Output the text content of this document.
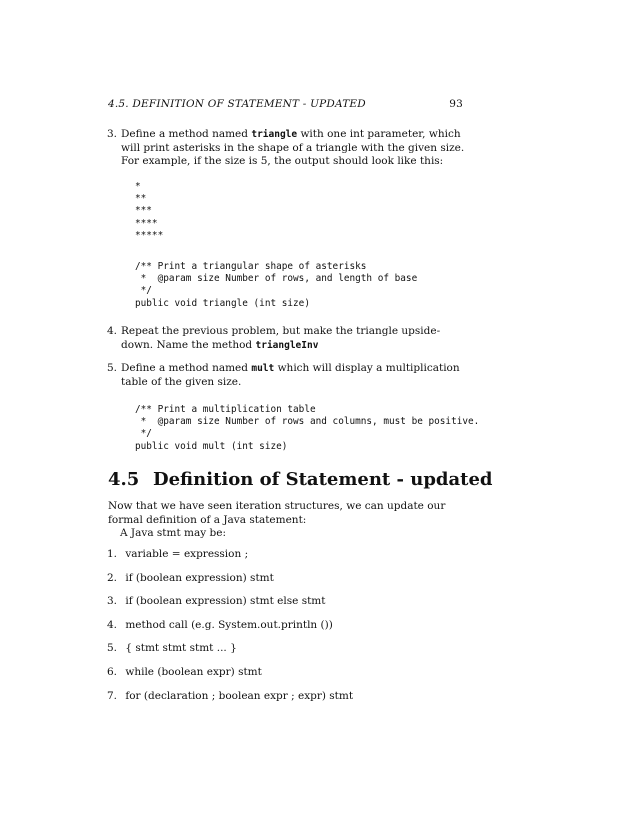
4.5. DEFINITION OF STATEMENT - UPDATED	93
3. Define a method named triangle with one int parameter, which will print asterisks in the shape of a triangle with the given size. For example, if the size is 5, the output should look like this:

*
**
***
****
*****
/** Print a triangular shape of asterisks
*  @param size Number of rows, and length of base
*/
public void triangle (int size)
4. Repeat the previous problem, but make the triangle upside-down. Name the method triangleInv

5. Define a method named mult which will display a multiplication table of the given size.

/** Print a multiplication table
*  @param size Number of rows and columns, must be positive.
*/
public void mult (int size)
4.5 Definition of Statement - updated

Now that we have seen iteration structures, we can update our formal definition of a Java statement:

A Java stmt may be:

1. variable = expression ;
2. if (boolean expression) stmt
3. if (boolean expression) stmt else stmt
4. method call (e.g. System.out.println ())
5. { stmt stmt stmt ... }
6. while (boolean expr) stmt
7. for (declaration ; boolean expr ; expr) stmt
